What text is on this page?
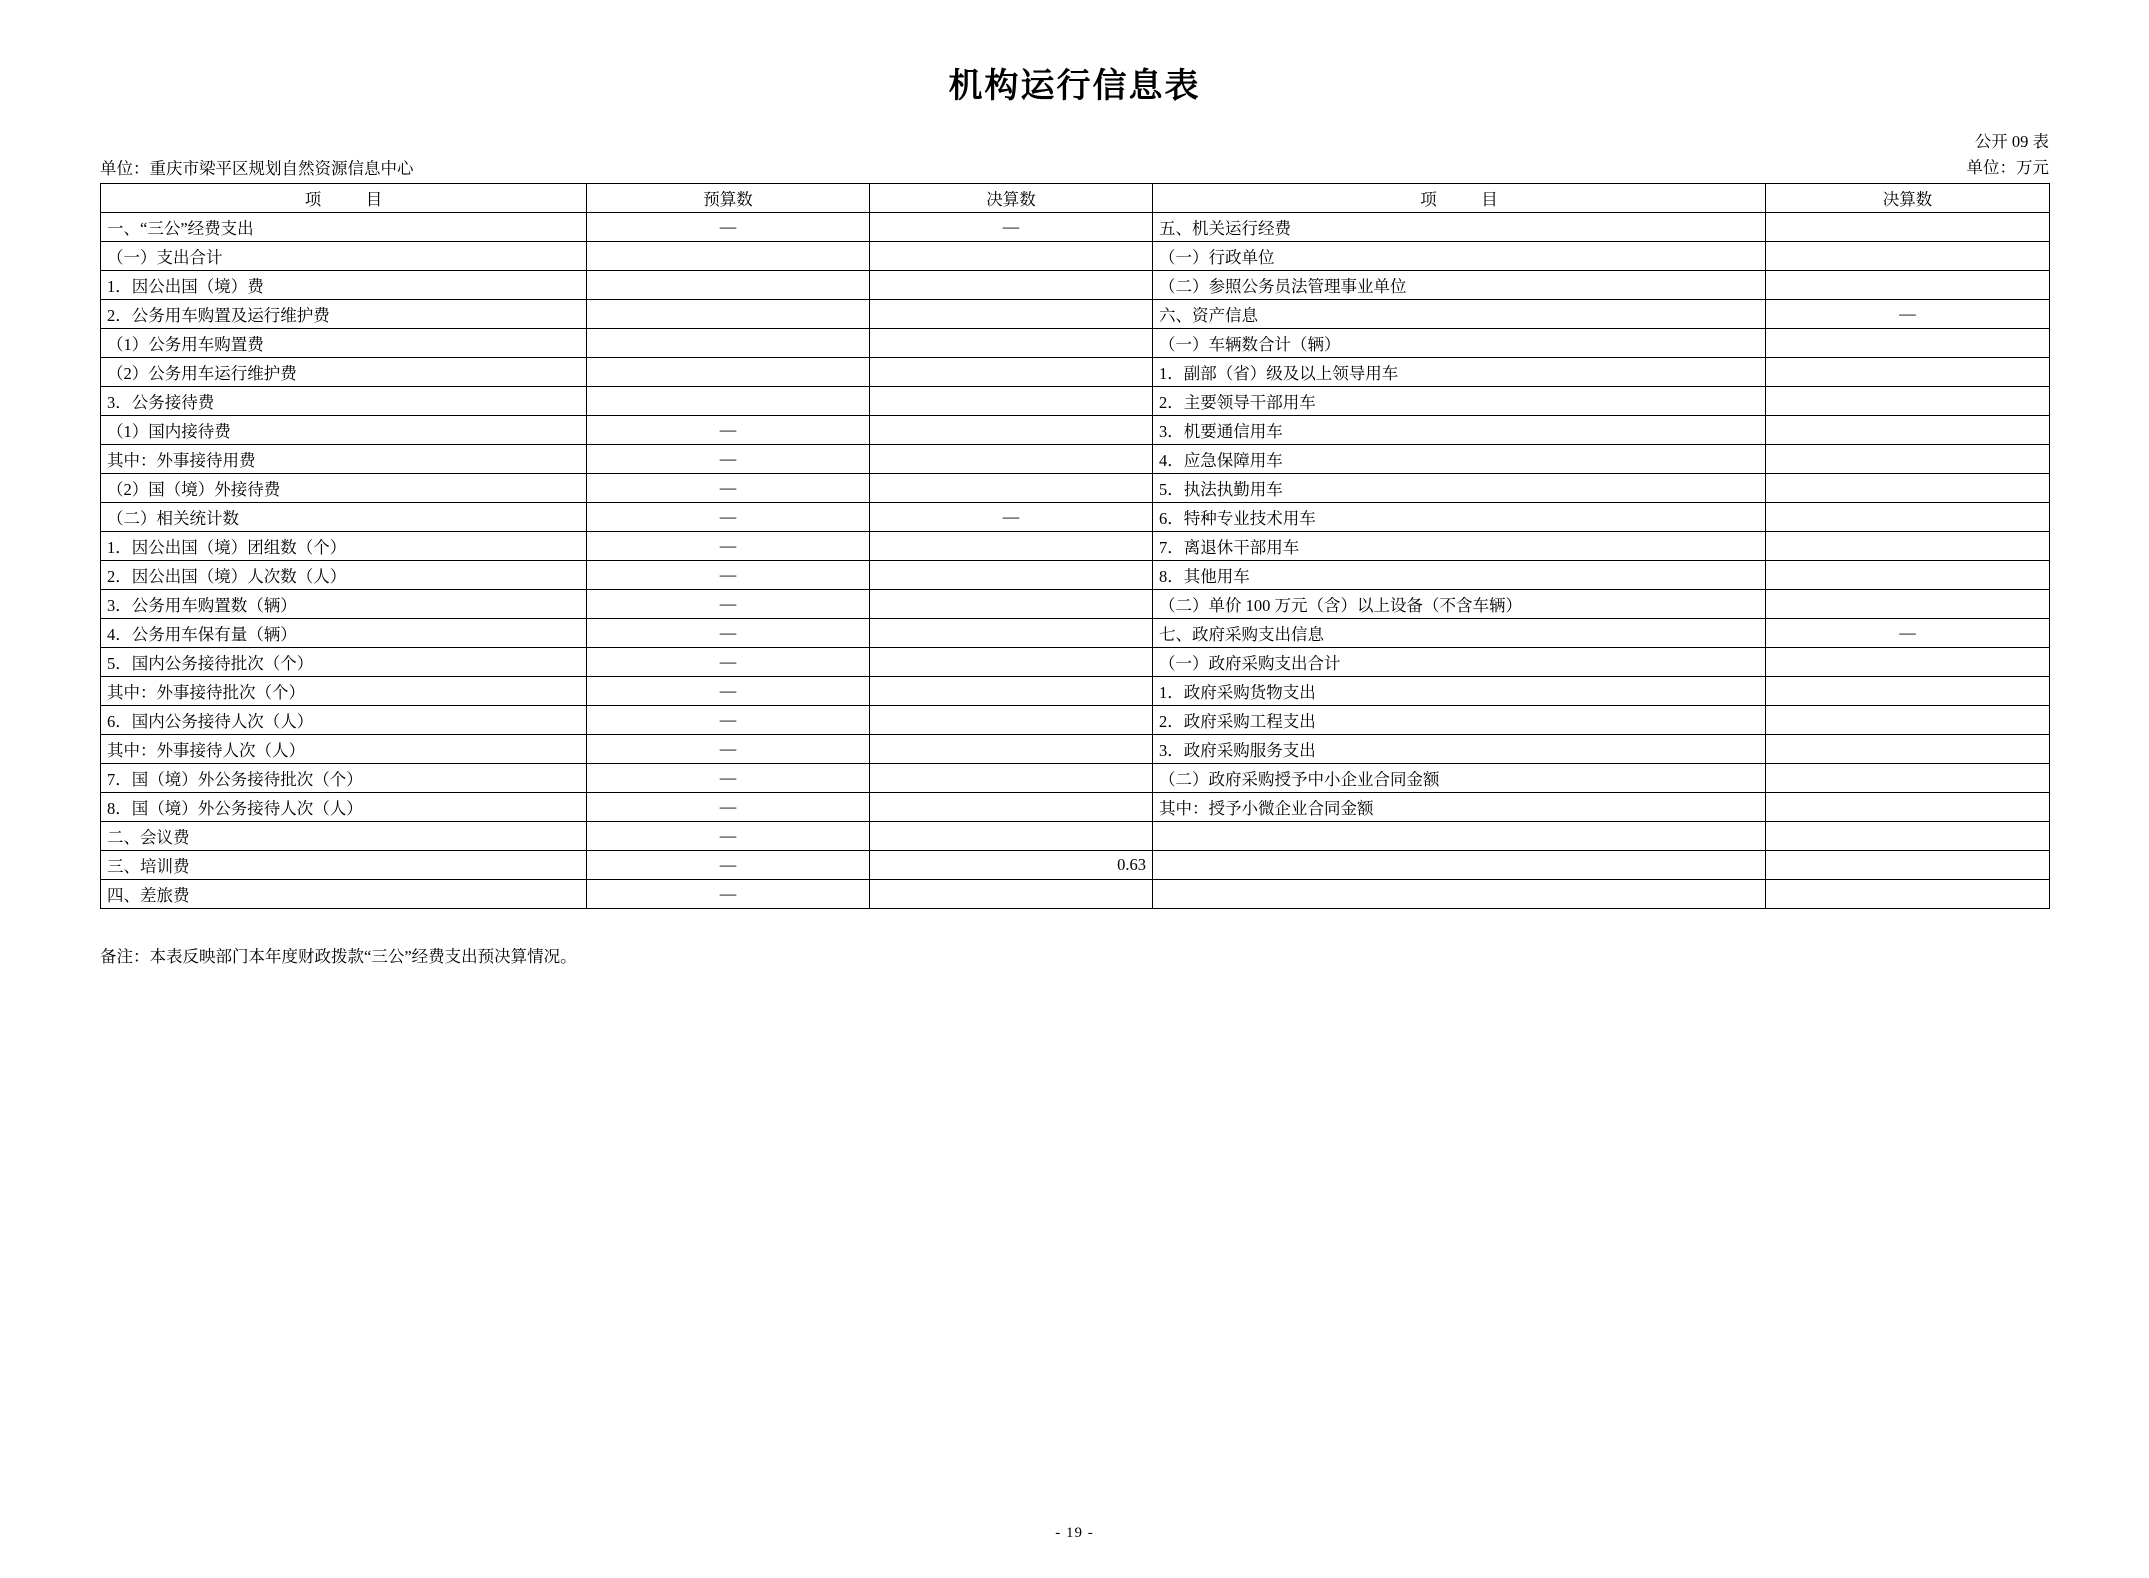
机构运行信息表
单位：重庆市梁平区规划自然资源信息中心
公开 09 表
单位：万元
项　目	预算数	决算数	项　目	决算数
一、“三公”经费支出	—	—	五、机关运行经费	
（一）支出合计			（一）行政单位	
1．因公出国（境）费			（二）参照公务员法管理事业单位	
2．公务用车购置及运行维护费			六、资产信息	—
（1）公务用车购置费			（一）车辆数合计（辆）	
（2）公务用车运行维护费			1．副部（省）级及以上领导用车	
3．公务接待费			2．主要领导干部用车	
（1）国内接待费	—		3．机要通信用车	
其中：外事接待用费	—		4．应急保障用车	
（2）国（境）外接待费	—		5．执法执勤用车	
（二）相关统计数	—	—	6．特种专业技术用车	
1．因公出国（境）团组数（个）	—		7．离退休干部用车	
2．因公出国（境）人次数（人）	—		8．其他用车	
3．公务用车购置数（辆）	—		（二）单价 100 万元（含）以上设备（不含车辆）	
4．公务用车保有量（辆）	—		七、政府采购支出信息	—
5．国内公务接待批次（个）	—		（一）政府采购支出合计	
其中：外事接待批次（个）	—		1．政府采购货物支出	
6．国内公务接待人次（人）	—		2．政府采购工程支出	
其中：外事接待人次（人）	—		3．政府采购服务支出	
7．国（境）外公务接待批次（个）	—		（二）政府采购授予中小企业合同金额	
8．国（境）外公务接待人次（人）	—		其中：授予小微企业合同金额	
二、会议费	—			
三、培训费	—	0.63		
四、差旅费	—			
备注：本表反映部门本年度财政拨款“三公”经费支出预决算情况。
- 19 -
